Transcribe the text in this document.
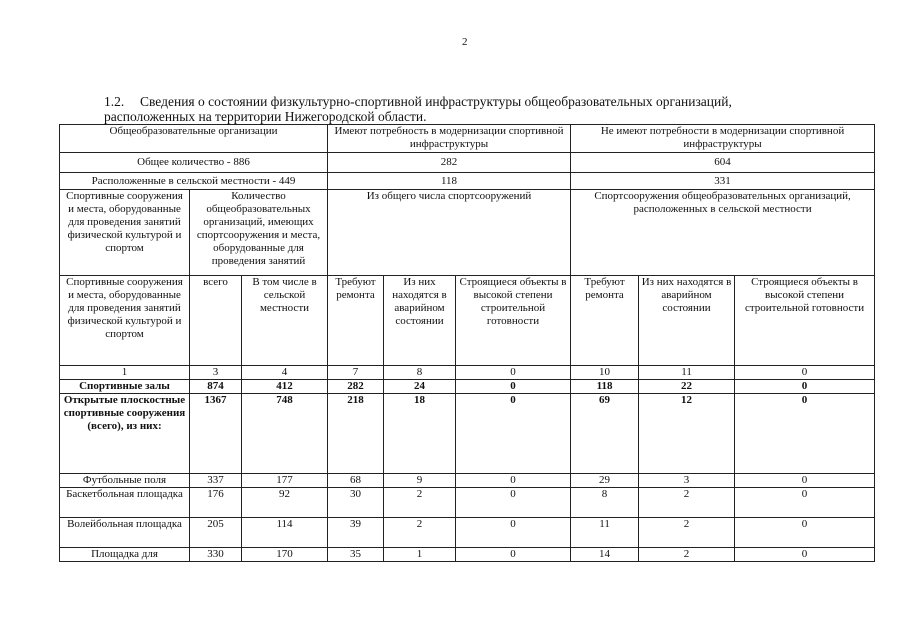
2
1.2. Сведения о состоянии физкультурно-спортивной инфраструктуры общеобразовательных организаций, расположенных на территории Нижегородской области.
Общеобразовательные организации			Имеют потребность в модернизации спортивной инфраструктуры			Не имеют потребности в модернизации спортивной инфраструктуры		
Общее количество - 886			282			604		
Расположенные в сельской местности - 449			118			331		
Спортивные сооружения и места, оборудованные для проведения занятий физической культурой и спортом	Количество общеобразовательных организаций, имеющих спортсооружения и места, оборудованные для проведения занятий		Из общего числа спортсооружений			Спортсооружения общеобразовательных организаций, расположенных в сельской местности		
Спортивные сооружения и места, оборудованные для проведения занятий физической культурой и спортом	всего	В том числе в сельской местности	Требуют ремонта	Из них находятся в аварийном состоянии	Строящиеся объекты в высокой степени строительной готовности	Требуют ремонта	Из них находятся в аварийном состоянии	Строящиеся объекты в высокой степени строительной готовности
1	3	4	7	8	0	10	11	0
Спортивные залы	874	412	282	24	0	118	22	0
Открытые плоскостные спортивные сооружения (всего), из них:	1367	748	218	18	0	69	12	0
Футбольные поля	337	177	68	9	0	29	3	0
Баскетбольная площадка	176	92	30	2	0	8	2	0
Волейбольная площадка	205	114	39	2	0	11	2	0
Площадка для	330	170	35	1	0	14	2	0
